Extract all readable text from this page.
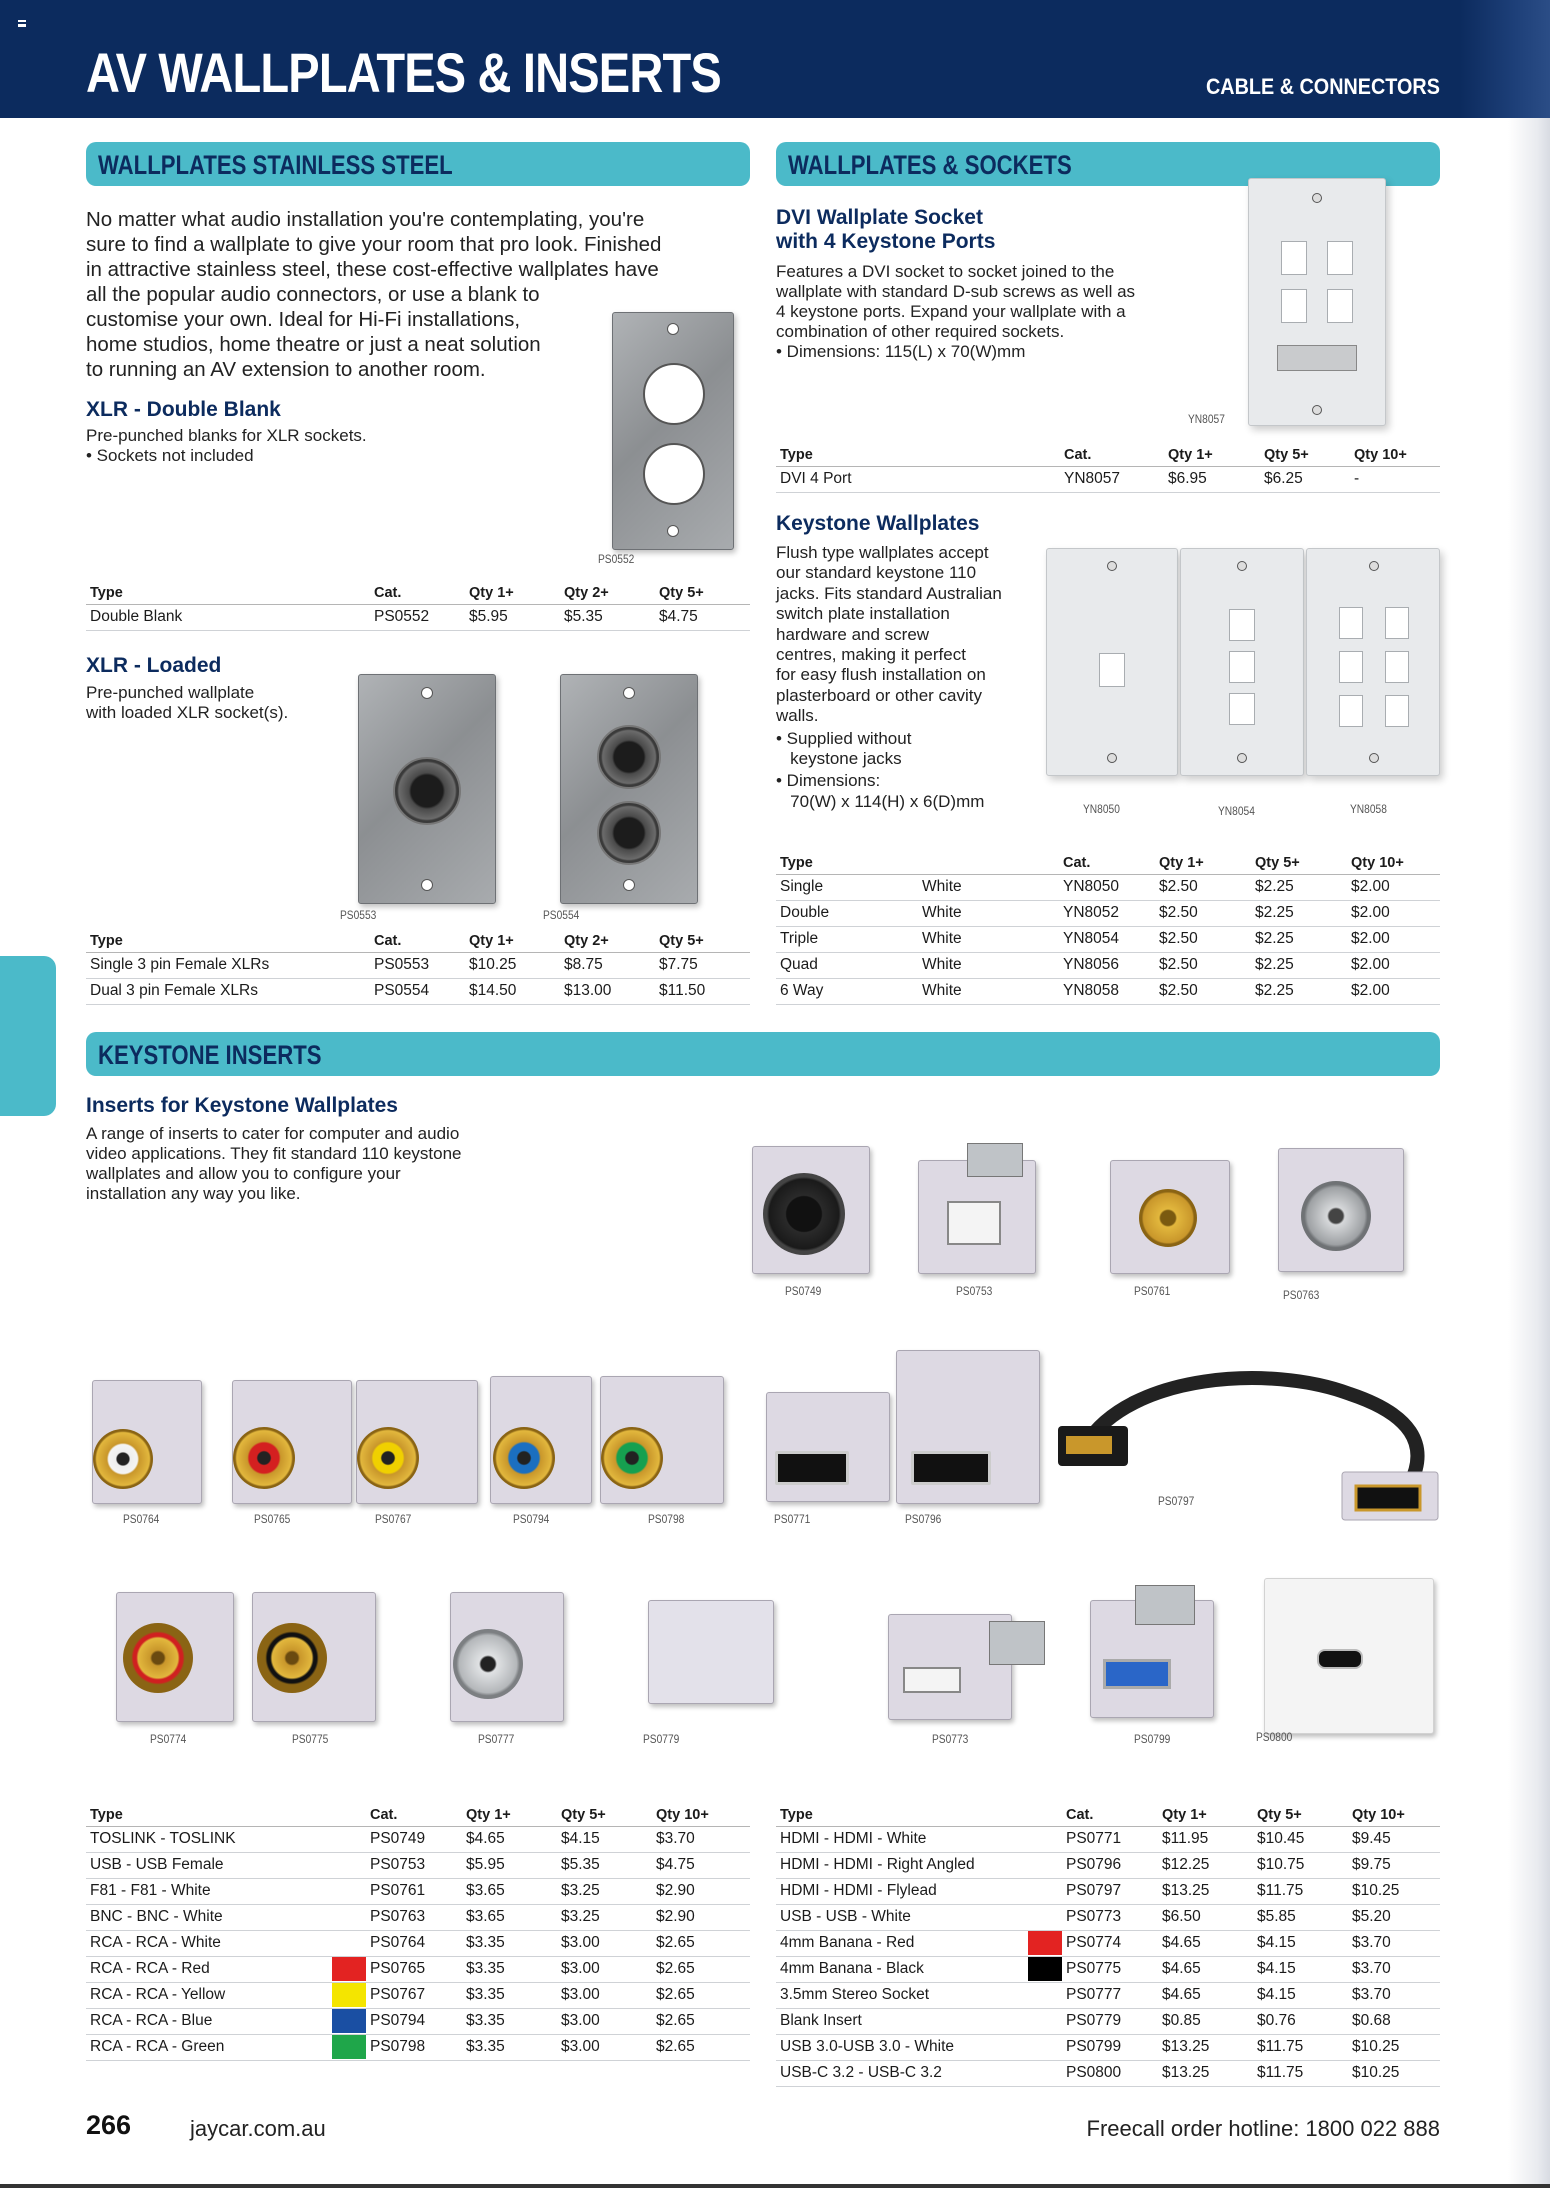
AV WALLPLATES & INSERTS	CABLE & CONNECTORS
WALLPLATES STAINLESS STEEL
No matter what audio installation you're contemplating, you're
sure to find a wallplate to give your room that pro look. Finished
in attractive stainless steel, these cost-effective wallplates have
all the popular audio connectors, or use a blank to
customise your own. Ideal for Hi-Fi installations,
home studios, home theatre or just a neat solution
to running an AV extension to another room.
XLR - Double Blank
Pre-punched blanks for XLR sockets.
• Sockets not included
PS0552
Type	Cat.	Qty 1+	Qty 2+	Qty 5+
Double Blank	PS0552	$5.95	$5.35	$4.75
XLR - Loaded
Pre-punched wallplate
with loaded XLR socket(s).
PS0553	PS0554
Type	Cat.	Qty 1+	Qty 2+	Qty 5+
Single 3 pin Female XLRs	PS0553	$10.25	$8.75	$7.75
Dual 3 pin Female XLRs	PS0554	$14.50	$13.00	$11.50
WALLPLATES & SOCKETS
DVI Wallplate Socket
with 4 Keystone Ports
Features a DVI socket to socket joined to the
wallplate with standard D-sub screws as well as
4 keystone ports. Expand your wallplate with a
combination of other required sockets.
• Dimensions: 115(L) x 70(W)mm
YN8057
Type	Cat.	Qty 1+	Qty 5+	Qty 10+
DVI 4 Port	YN8057	$6.95	$6.25	-
Keystone Wallplates
Flush type wallplates accept
our standard keystone 110
jacks. Fits standard Australian
switch plate installation
hardware and screw
centres, making it perfect
for easy flush installation on
plasterboard or other cavity
walls.
• Supplied without
keystone jacks
• Dimensions:
70(W) x 114(H) x 6(D)mm	YN8050	YN8054	YN8058
Type		Cat.	Qty 1+	Qty 5+	Qty 10+
Single	White	YN8050	$2.50	$2.25	$2.00
Double	White	YN8052	$2.50	$2.25	$2.00
Triple	White	YN8054	$2.50	$2.25	$2.00
Quad	White	YN8056	$2.50	$2.25	$2.00
6 Way	White	YN8058	$2.50	$2.25	$2.00
KEYSTONE INSERTS
Inserts for Keystone Wallplates
A range of inserts to cater for computer and audio
video applications. They fit standard 110 keystone
wallplates and allow you to configure your
installation any way you like.
PS0749	PS0753	PS0761	PS0763
PS0764	PS0765	PS0767	PS0794	PS0798	PS0771	PS0796
PS0797
PS0774	PS0775	PS0777	PS0779	PS0773	PS0799	PS0800
Type		Cat.	Qty 1+	Qty 5+	Qty 10+
TOSLINK - TOSLINK		PS0749	$4.65	$4.15	$3.70
USB - USB Female		PS0753	$5.95	$5.35	$4.75
F81 - F81 - White		PS0761	$3.65	$3.25	$2.90
BNC - BNC - White		PS0763	$3.65	$3.25	$2.90
RCA - RCA - White		PS0764	$3.35	$3.00	$2.65
RCA - RCA - Red		PS0765	$3.35	$3.00	$2.65
RCA - RCA - Yellow		PS0767	$3.35	$3.00	$2.65
RCA - RCA - Blue		PS0794	$3.35	$3.00	$2.65
RCA - RCA - Green		PS0798	$3.35	$3.00	$2.65
Type		Cat.	Qty 1+	Qty 5+	Qty 10+
HDMI - HDMI - White		PS0771	$11.95	$10.45	$9.45
HDMI - HDMI - Right Angled		PS0796	$12.25	$10.75	$9.75
HDMI - HDMI - Flylead		PS0797	$13.25	$11.75	$10.25
USB - USB - White		PS0773	$6.50	$5.85	$5.20
4mm Banana - Red		PS0774	$4.65	$4.15	$3.70
4mm Banana - Black		PS0775	$4.65	$4.15	$3.70
3.5mm Stereo Socket		PS0777	$4.65	$4.15	$3.70
Blank Insert		PS0779	$0.85	$0.76	$0.68
USB 3.0-USB 3.0 - White		PS0799	$13.25	$11.75	$10.25
USB-C 3.2 - USB-C 3.2		PS0800	$13.25	$11.75	$10.25
266	jaycar.com.au	Freecall order hotline: 1800 022 888
